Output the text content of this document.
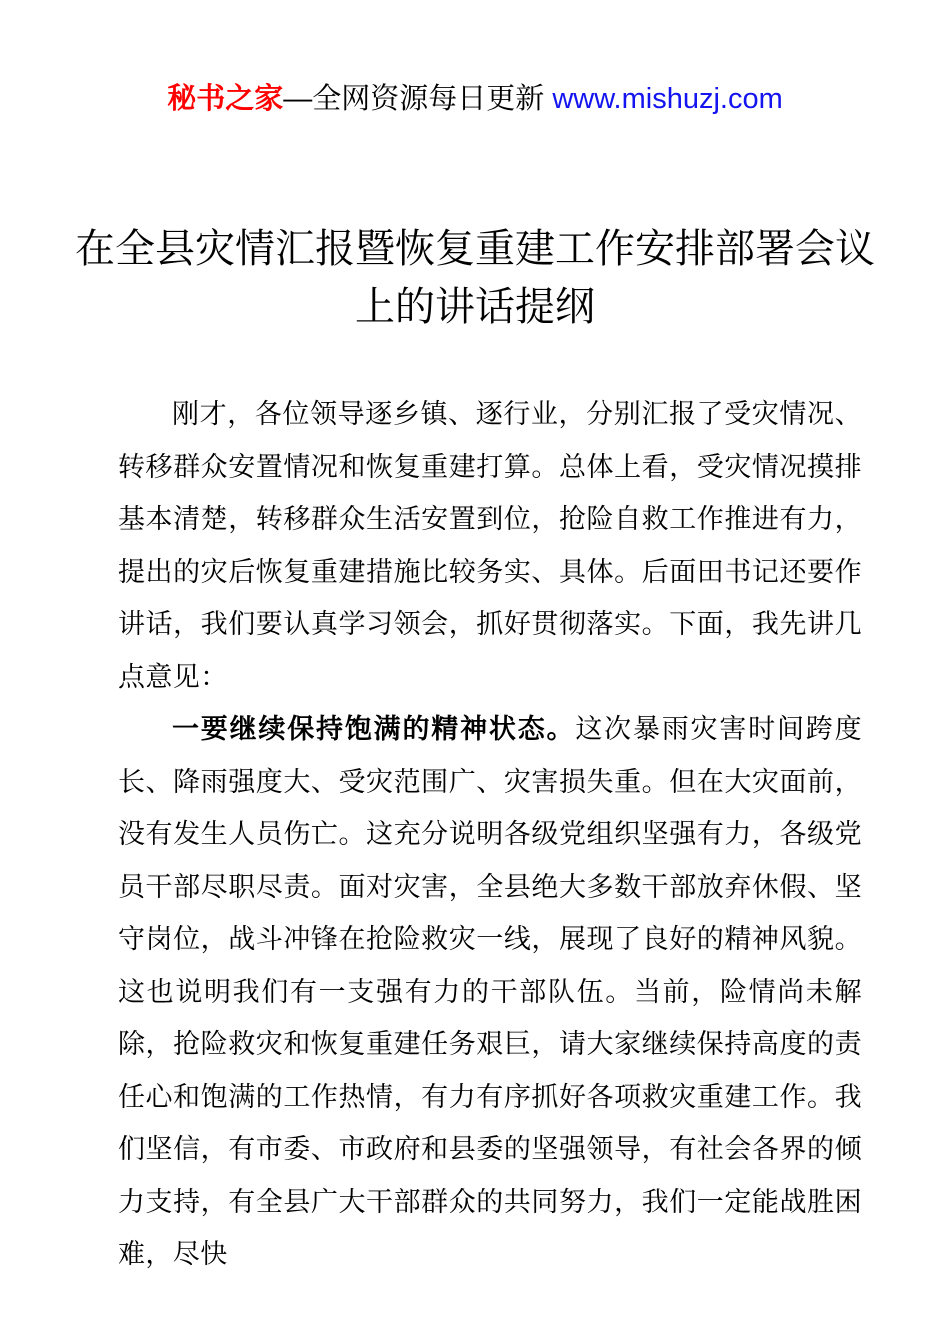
秘书之家—全网资源每日更新 www.mishuzj.com
在全县灾情汇报暨恢复重建工作安排部署会议
上的讲话提纲

刚才，各位领导逐乡镇、逐行业，分别汇报了受灾情况、转移群众安置情况和恢复重建打算。总体上看，受灾情况摸排基本清楚，转移群众生活安置到位，抢险自救工作推进有力，提出的灾后恢复重建措施比较务实、具体。后面田书记还要作讲话，我们要认真学习领会，抓好贯彻落实。下面，我先讲几点意见：

一要继续保持饱满的精神状态。这次暴雨灾害时间跨度长、降雨强度大、受灾范围广、灾害损失重。但在大灾面前，没有发生人员伤亡。这充分说明各级党组织坚强有力，各级党员干部尽职尽责。面对灾害，全县绝大多数干部放弃休假、坚守岗位，战斗冲锋在抢险救灾一线，展现了良好的精神风貌。这也说明我们有一支强有力的干部队伍。当前，险情尚未解除，抢险救灾和恢复重建任务艰巨，请大家继续保持高度的责任心和饱满的工作热情，有力有序抓好各项救灾重建工作。我们坚信，有市委、市政府和县委的坚强领导，有社会各界的倾力支持，有全县广大干部群众的共同努力，我们一定能战胜困难，尽快
